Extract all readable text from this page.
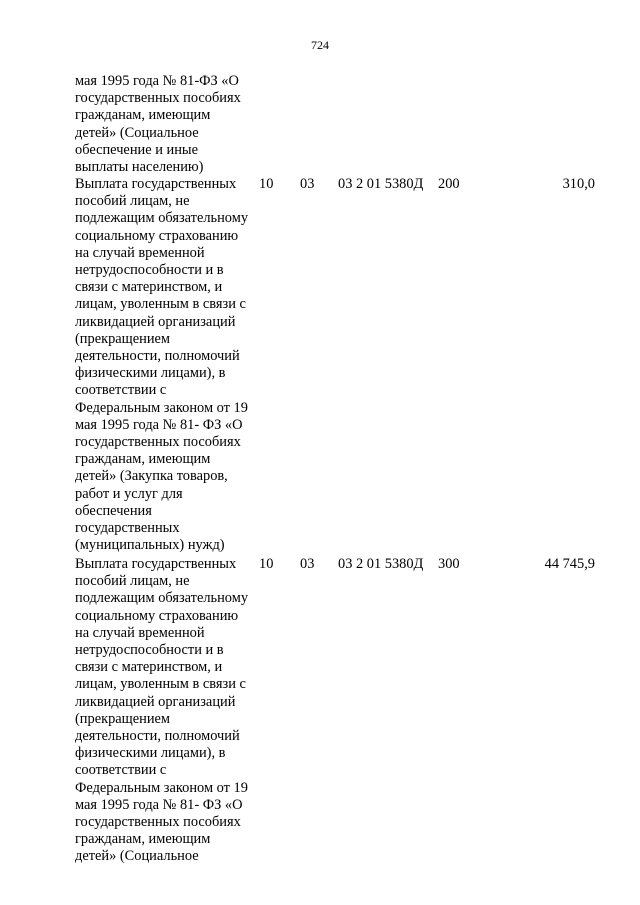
724
мая 1995 года № 81-ФЗ «О
государственных пособиях
гражданам, имеющим
детей» (Социальное
обеспечение и иные
выплаты населению)
Выплата государственных
пособий лицам, не
подлежащим обязательному
социальному страхованию
на случай временной
нетрудоспособности и в
связи с материнством, и
лицам, уволенным в связи с
ликвидацией организаций
(прекращением
деятельности, полномочий
физическими лицами), в
соответствии с
Федеральным законом от 19
мая 1995 года № 81- ФЗ «О
государственных пособиях
гражданам, имеющим
детей» (Закупка товаров,
работ и услуг для
обеспечения
государственных
(муниципальных) нужд)
10 03 03 2 01 5380Д 200	310,0
Выплата государственных
пособий лицам, не
подлежащим обязательному
социальному страхованию
на случай временной
нетрудоспособности и в
связи с материнством, и
лицам, уволенным в связи с
ликвидацией организаций
(прекращением
деятельности, полномочий
физическими лицами), в
соответствии с
Федеральным законом от 19
мая 1995 года № 81- ФЗ «О
государственных пособиях
гражданам, имеющим
детей» (Социальное
10 03 03 2 01 5380Д 300	44 745,9
